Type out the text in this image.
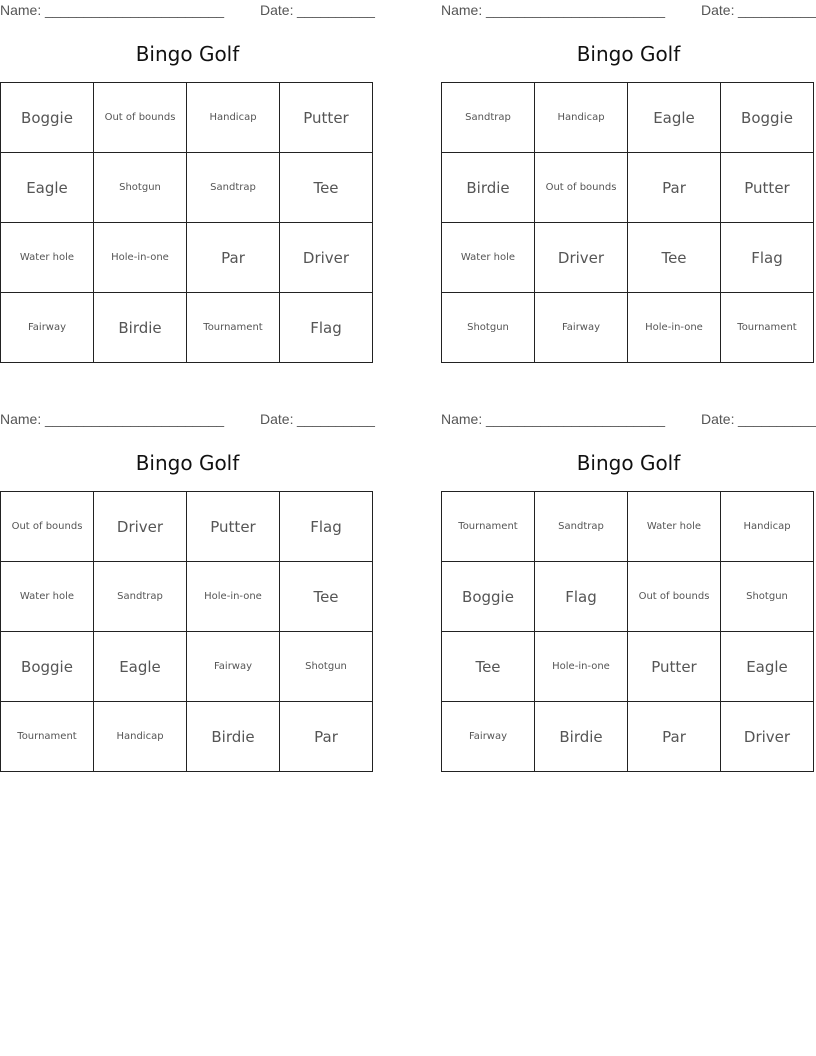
Name: _______________________	Date: __________
Bingo Golf
Boggie	Out of bounds	Handicap	Putter
Eagle	Shotgun	Sandtrap	Tee
Water hole	Hole-in-one	Par	Driver
Fairway	Birdie	Tournament	Flag
Name: _______________________	Date: __________
Bingo Golf
Sandtrap	Handicap	Eagle	Boggie
Birdie	Out of bounds	Par	Putter
Water hole	Driver	Tee	Flag
Shotgun	Fairway	Hole-in-one	Tournament
Name: _______________________	Date: __________
Bingo Golf
Out of bounds	Driver	Putter	Flag
Water hole	Sandtrap	Hole-in-one	Tee
Boggie	Eagle	Fairway	Shotgun
Tournament	Handicap	Birdie	Par
Name: _______________________	Date: __________
Bingo Golf
Tournament	Sandtrap	Water hole	Handicap
Boggie	Flag	Out of bounds	Shotgun
Tee	Hole-in-one	Putter	Eagle
Fairway	Birdie	Par	Driver
